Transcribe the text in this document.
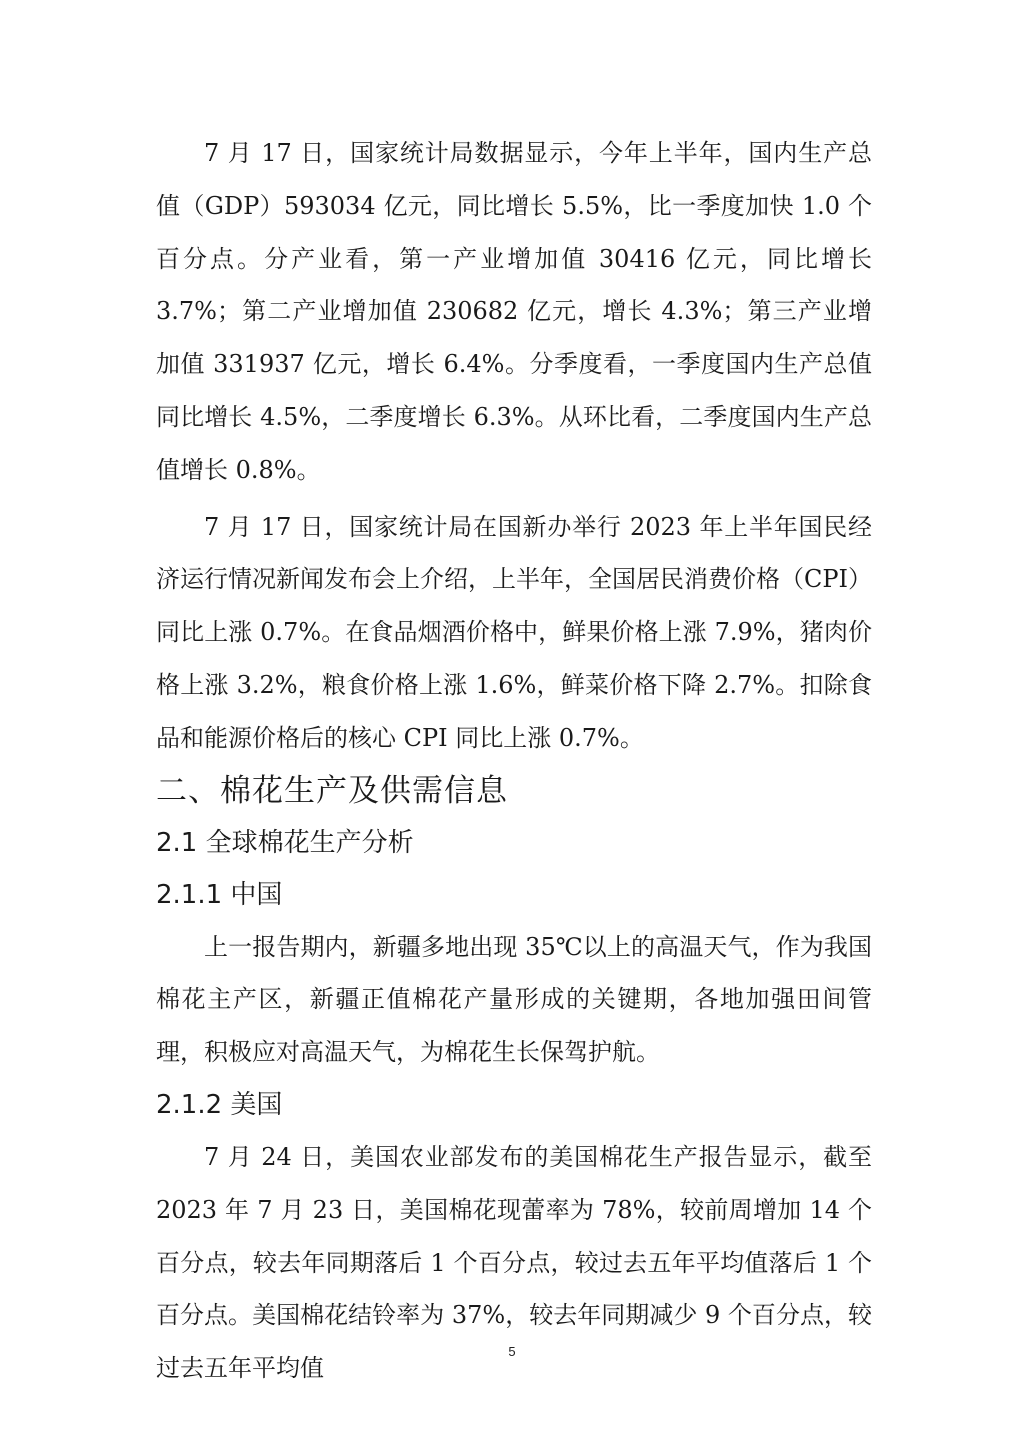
7 月 17 日，国家统计局数据显示，今年上半年，国内生产总值（GDP）593034 亿元，同比增长 5.5%，比一季度加快 1.0 个百分点。分产业看，第一产业增加值 30416 亿元，同比增长 3.7%；第二产业增加值 230682 亿元，增长 4.3%；第三产业增加值 331937 亿元，增长 6.4%。分季度看，一季度国内生产总值同比增长 4.5%，二季度增长 6.3%。从环比看，二季度国内生产总值增长 0.8%。

7 月 17 日，国家统计局在国新办举行 2023 年上半年国民经济运行情况新闻发布会上介绍，上半年，全国居民消费价格（CPI）同比上涨 0.7%。在食品烟酒价格中，鲜果价格上涨 7.9%，猪肉价格上涨 3.2%，粮食价格上涨 1.6%，鲜菜价格下降 2.7%。扣除食品和能源价格后的核心 CPI 同比上涨 0.7%。

二、棉花生产及供需信息
2.1 全球棉花生产分析
2.1.1 中国

上一报告期内，新疆多地出现 35℃以上的高温天气，作为我国棉花主产区，新疆正值棉花产量形成的关键期，各地加强田间管理，积极应对高温天气，为棉花生长保驾护航。

2.1.2 美国

7 月 24 日，美国农业部发布的美国棉花生产报告显示，截至 2023 年 7 月 23 日，美国棉花现蕾率为 78%，较前周增加 14 个百分点，较去年同期落后 1 个百分点，较过去五年平均值落后 1 个百分点。美国棉花结铃率为 37%，较去年同期减少 9 个百分点，较过去五年平均值

5
